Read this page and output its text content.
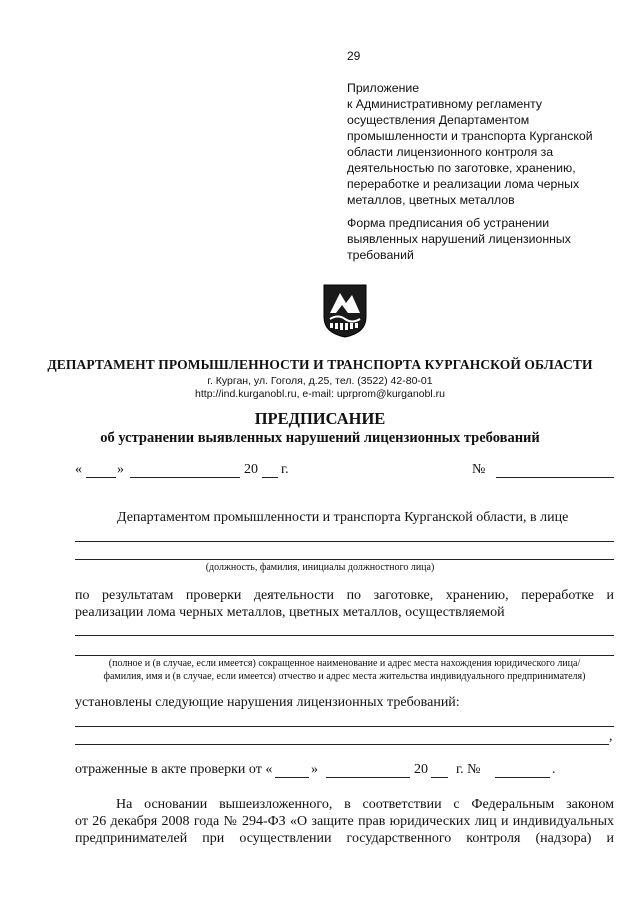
29
Приложение
к Административному регламенту
осуществления Департаментом
промышленности и транспорта Курганской
области лицензионного контроля за
деятельностью по заготовке, хранению,
переработке и реализации лома черных
металлов, цветных металлов
Форма предписания об устранении
выявленных нарушений лицензионных
требований
ДЕПАРТАМЕНТ ПРОМЫШЛЕННОСТИ И ТРАНСПОРТА КУРГАНСКОЙ ОБЛАСТИ
г. Курган, ул. Гоголя, д.25, тел. (3522) 42-80-01
http://ind.kurganobl.ru, e-mail: uprprom@kurganobl.ru
ПРЕДПИСАНИЕ
об устранении выявленных нарушений лицензионных требований
«	»	20 г.	№
Департаментом промышленности и транспорта Курганской области, в лице
(должность, фамилия, инициалы должностного лица)
по результатам проверки деятельности по заготовке, хранению, переработке и
реализации лома черных металлов, цветных металлов, осуществляемой
(полное и (в случае, если имеется) сокращенное наименование и адрес места нахождения юридического лица/
фамилия, имя и (в случае, если имеется) отчество и адрес места жительства индивидуального предпринимателя)
установлены следующие нарушения лицензионных требований:
,
отраженные в акте проверки от «	»	20 г. №	.
На основании вышеизложенного, в соответствии с Федеральным законом
от 26 декабря 2008 года № 294-ФЗ «О защите прав юридических лиц и индивидуальных
предпринимателей при осуществлении государственного контроля (надзора) и
